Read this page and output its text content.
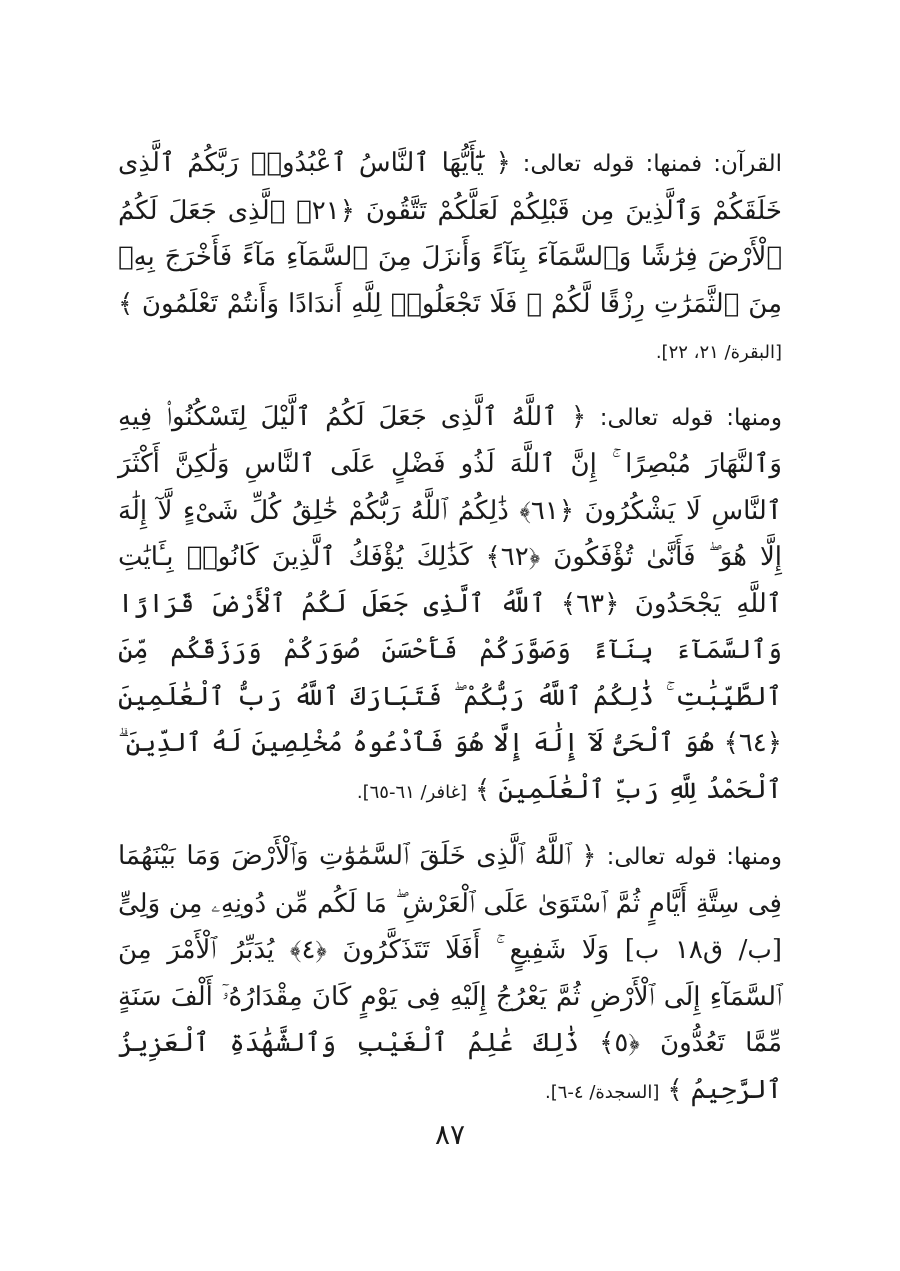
القرآن: فمنها: قوله تعالى: ﴿ يَٰٓأَيُّهَا ٱلنَّاسُ ٱعْبُدُوا۟ رَبَّكُمُ ٱلَّذِى خَلَقَكُمْ وَٱلَّذِينَ مِن قَبْلِكُمْ لَعَلَّكُمْ تَتَّقُونَ ﴿٢١﴾ ٱلَّذِى جَعَلَ لَكُمُ ٱلْأَرْضَ فِرَٰشًا وَٱلسَّمَآءَ بِنَآءً وَأَنزَلَ مِنَ ٱلسَّمَآءِ مَآءً فَأَخْرَجَ بِهِۦ مِنَ ٱلثَّمَرَٰتِ رِزْقًا لَّكُمْ ۖ فَلَا تَجْعَلُوا۟ لِلَّهِ أَندَادًا وَأَنتُمْ تَعْلَمُونَ ﴾ [البقرة/ ٢١، ٢٢].

ومنها: قوله تعالى: ﴿ ٱللَّهُ ٱلَّذِى جَعَلَ لَكُمُ ٱلَّيْلَ لِتَسْكُنُوا۟ فِيهِ وَٱلنَّهَارَ مُبْصِرًا ۚ إِنَّ ٱللَّهَ لَذُو فَضْلٍ عَلَى ٱلنَّاسِ وَلَٰكِنَّ أَكْثَرَ ٱلنَّاسِ لَا يَشْكُرُونَ ﴿٦١﴾ ذَٰلِكُمُ ٱللَّهُ رَبُّكُمْ خَٰلِقُ كُلِّ شَىْءٍ لَّآ إِلَٰهَ إِلَّا هُوَ ۖ فَأَنَّىٰ تُؤْفَكُونَ ﴿٦٢﴾ كَذَٰلِكَ يُؤْفَكُ ٱلَّذِينَ كَانُوا۟ بِـَٔايَٰتِ ٱللَّهِ يَجْحَدُونَ ﴿٦٣﴾ ٱللَّهُ ٱلَّذِى جَعَلَ لَكُمُ ٱلْأَرْضَ قَرَارًا وَٱلسَّمَآءَ بِنَآءً وَصَوَّرَكُمْ فَأَحْسَنَ صُوَرَكُمْ وَرَزَقَكُم مِّنَ ٱلطَّيِّبَٰتِ ۚ ذَٰلِكُمُ ٱللَّهُ رَبُّكُمْ ۖ فَتَبَارَكَ ٱللَّهُ رَبُّ ٱلْعَٰلَمِينَ ﴿٦٤﴾ هُوَ ٱلْحَىُّ لَآ إِلَٰهَ إِلَّا هُوَ فَٱدْعُوهُ مُخْلِصِينَ لَهُ ٱلدِّينَ ۗ ٱلْحَمْدُ لِلَّهِ رَبِّ ٱلْعَٰلَمِينَ ﴾ [غافر/ ٦١-٦٥].

ومنها: قوله تعالى: ﴿ ٱللَّهُ ٱلَّذِى خَلَقَ ٱلسَّمَٰوَٰتِ وَٱلْأَرْضَ وَمَا بَيْنَهُمَا فِى سِتَّةِ أَيَّامٍ ثُمَّ ٱسْتَوَىٰ عَلَى ٱلْعَرْشِ ۖ مَا لَكُم مِّن دُونِهِۦ مِن وَلِىٍّ [ب/ ق١٨ ب] وَلَا شَفِيعٍ ۚ أَفَلَا تَتَذَكَّرُونَ ﴿٤﴾ يُدَبِّرُ ٱلْأَمْرَ مِنَ ٱلسَّمَآءِ إِلَى ٱلْأَرْضِ ثُمَّ يَعْرُجُ إِلَيْهِ فِى يَوْمٍ كَانَ مِقْدَارُهُۥٓ أَلْفَ سَنَةٍ مِّمَّا تَعُدُّونَ ﴿٥﴾ ذَٰلِكَ عَٰلِمُ ٱلْغَيْبِ وَٱلشَّهَٰدَةِ ٱلْعَزِيزُ ٱلرَّحِيمُ ﴾ [السجدة/ ٤-٦].

٨٧
